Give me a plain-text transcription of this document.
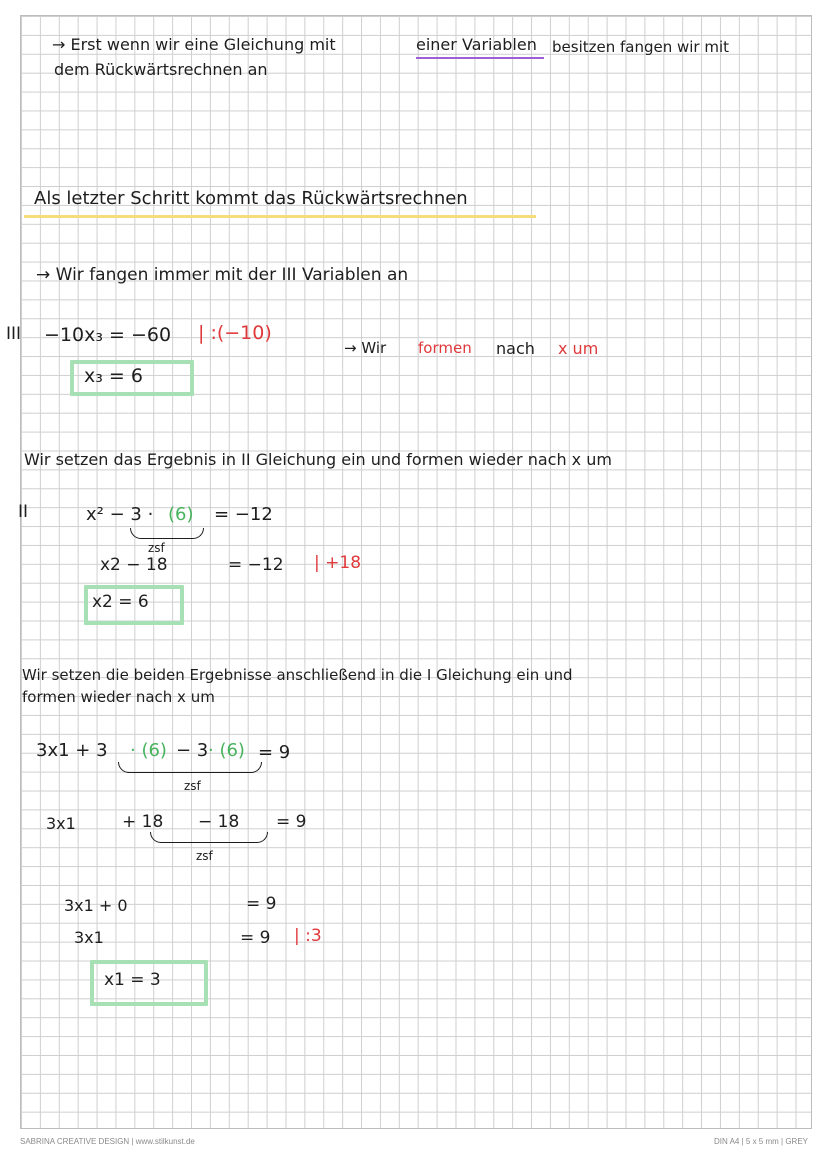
→ Erst wenn wir eine Gleichung mit	einer Variablen besitzen fangen wir mit
dem Rückwärtsrechnen an
Als letzter Schritt kommt das Rückwärtsrechnen
→ Wir fangen immer mit der III Variablen an
III −10x₃ = −60 | :(−10)
→ Wir formen nach x um
x₃ = 6
Wir setzen das Ergebnis in II Gleichung ein und formen wieder nach x um
II	x² − 3 · (6) = −12
zsf
x2 − 18	= −12 | +18
x2 = 6
Wir setzen die beiden Ergebnisse anschließend in die I Gleichung ein und
formen wieder nach x um
3x1 + 3 · (6) − 3 · (6) = 9
zsf
3x1	+ 18 − 18 = 9
zsf
3x1 + 0	= 9
3x1	= 9 | :3
x1 = 3
SABRINA CREATIVE DESIGN | www.stilkunst.de	DIN A4 | 5 x 5 mm | GREY
